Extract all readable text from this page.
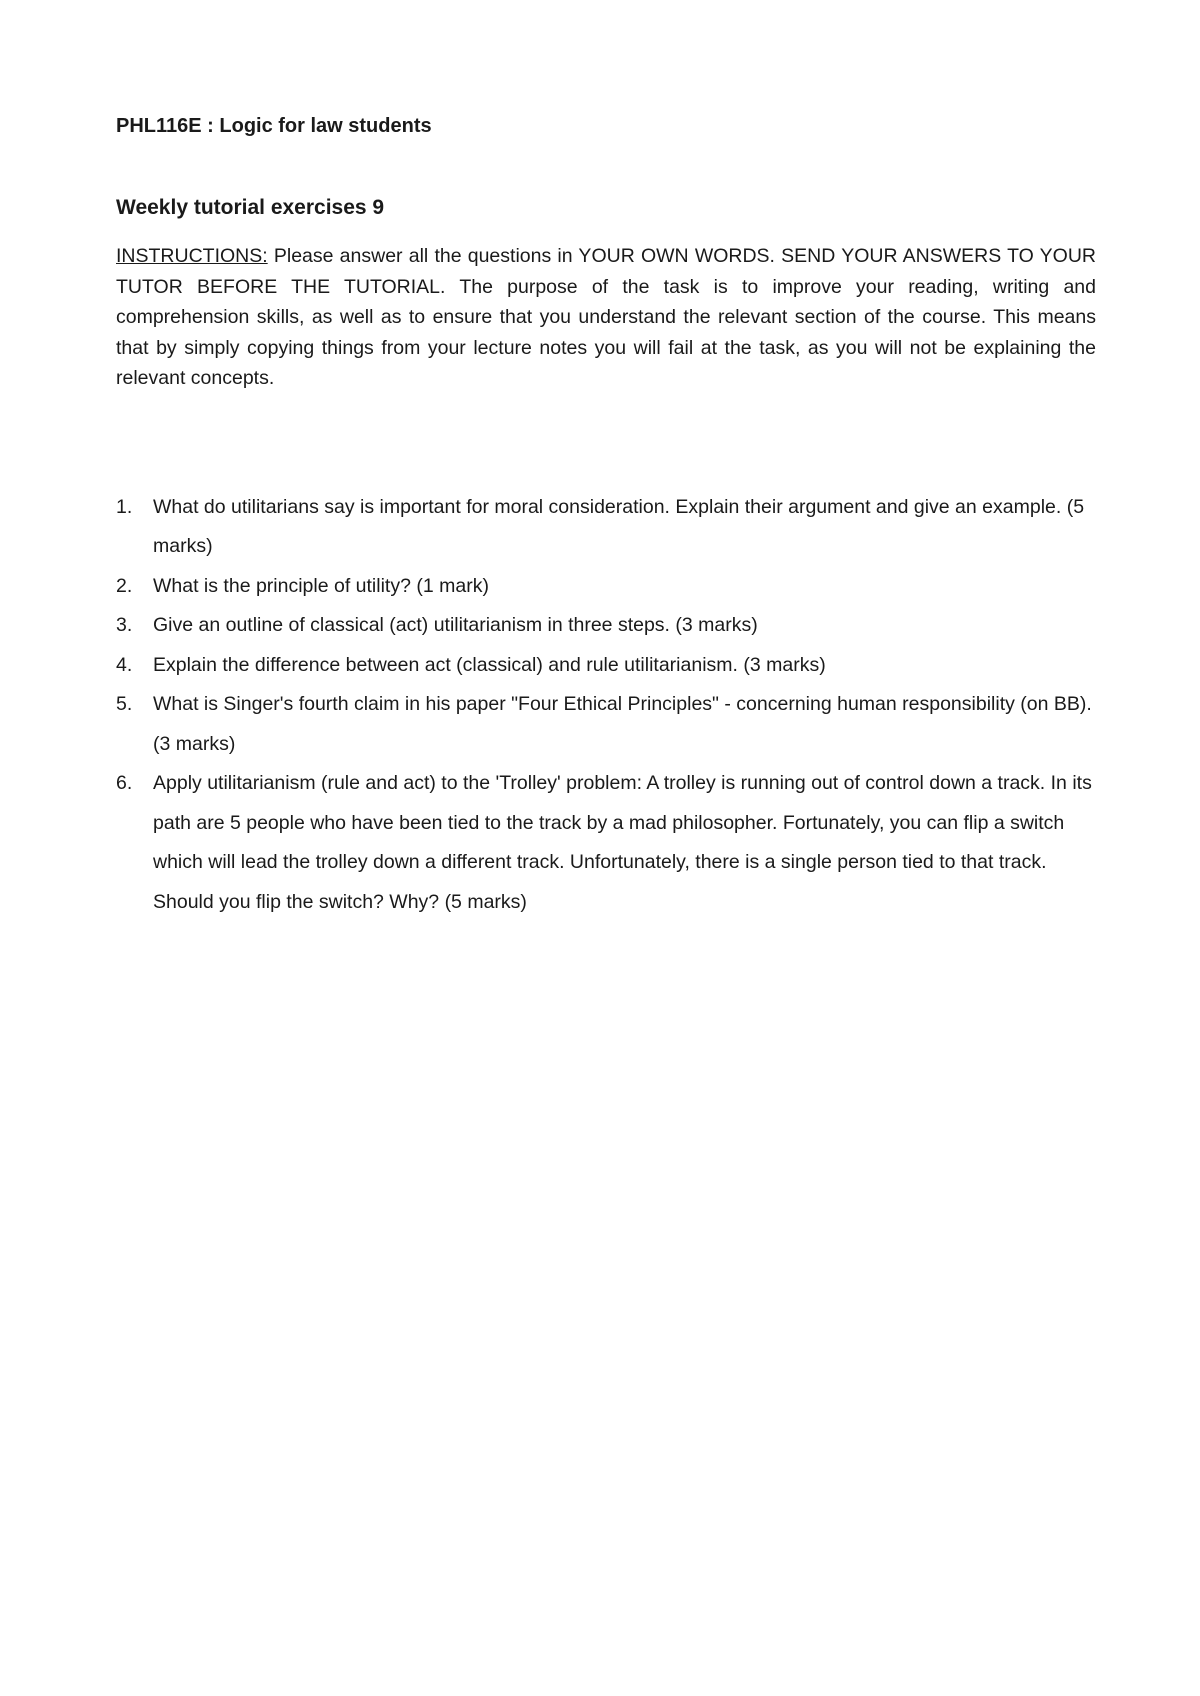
PHL116E : Logic for law students

Weekly tutorial exercises 9

INSTRUCTIONS: Please answer all the questions in YOUR OWN WORDS. SEND YOUR ANSWERS TO YOUR TUTOR BEFORE THE TUTORIAL. The purpose of the task is to improve your reading, writing and comprehension skills, as well as to ensure that you understand the relevant section of the course. This means that by simply copying things from your lecture notes you will fail at the task, as you will not be explaining the relevant concepts.

1. What do utilitarians say is important for moral consideration. Explain their argument and give an example. (5 marks)
2. What is the principle of utility? (1 mark)
3. Give an outline of classical (act) utilitarianism in three steps. (3 marks)
4. Explain the difference between act (classical) and rule utilitarianism. (3 marks)
5. What is Singer's fourth claim in his paper "Four Ethical Principles" - concerning human responsibility (on BB). (3 marks)
6. Apply utilitarianism (rule and act) to the 'Trolley' problem: A trolley is running out of control down a track. In its path are 5 people who have been tied to the track by a mad philosopher. Fortunately, you can flip a switch which will lead the trolley down a different track. Unfortunately, there is a single person tied to that track. Should you flip the switch? Why? (5 marks)
